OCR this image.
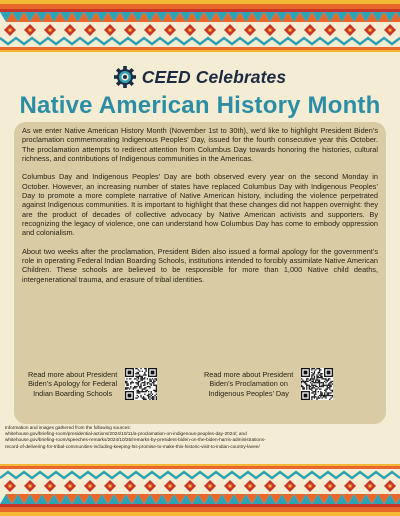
CEED Celebrates
Native American History Month

As we enter Native American History Month (November 1st to 30th), we’d like to highlight President Biden’s proclamation commemorating Indigenous Peoples’ Day, issued for the fourth consecutive year this October. The proclamation attempts to redirect attention from Columbus Day towards honoring the histories, cultural richness, and contributions of Indigenous communities in the Americas.

Columbus Day and Indigenous Peoples’ Day are both observed every year on the second Monday in October. However, an increasing number of states have replaced Columbus Day with Indigenous Peoples’ Day to promote a more complete narrative of Native American history, including the violence perpetrated against Indigenous communities. It is important to highlight that these changes did not happen overnight: they are the product of decades of collective advocacy by Native American activists and supporters. By recognizing the legacy of violence, one can understand how Columbus Day has come to embody oppression and colonialism.

About two weeks after the proclamation, President Biden also issued a formal apology for the government’s role in operating Federal Indian Boarding Schools, institutions intended to forcibly assimilate Native American Children. These schools are believed to be responsible for more than 1,000 Native child deaths, intergenerational trauma, and erasure of tribal identities.

Read more about President
Biden’s Apology for Federal
Indian Boarding Schools
Read more about President
Biden’s Proclamation on
Indigenous Peoples’ Day
Information and images gathered from the following sources:
whitehouse.gov/briefing-room/presidential-actions/2024/10/11/a-proclamation-on-indigenous-peoples-day-2024/; and
whitehouse.gov/briefing-room/speeches-remarks/2024/10/25/remarks-by-president-biden-on-the-biden-harris-administrations-
record-of-delivering-for-tribal-communities-including-keeping-his-promise-to-make-this-historic-visit-to-indian-country-lavee/
